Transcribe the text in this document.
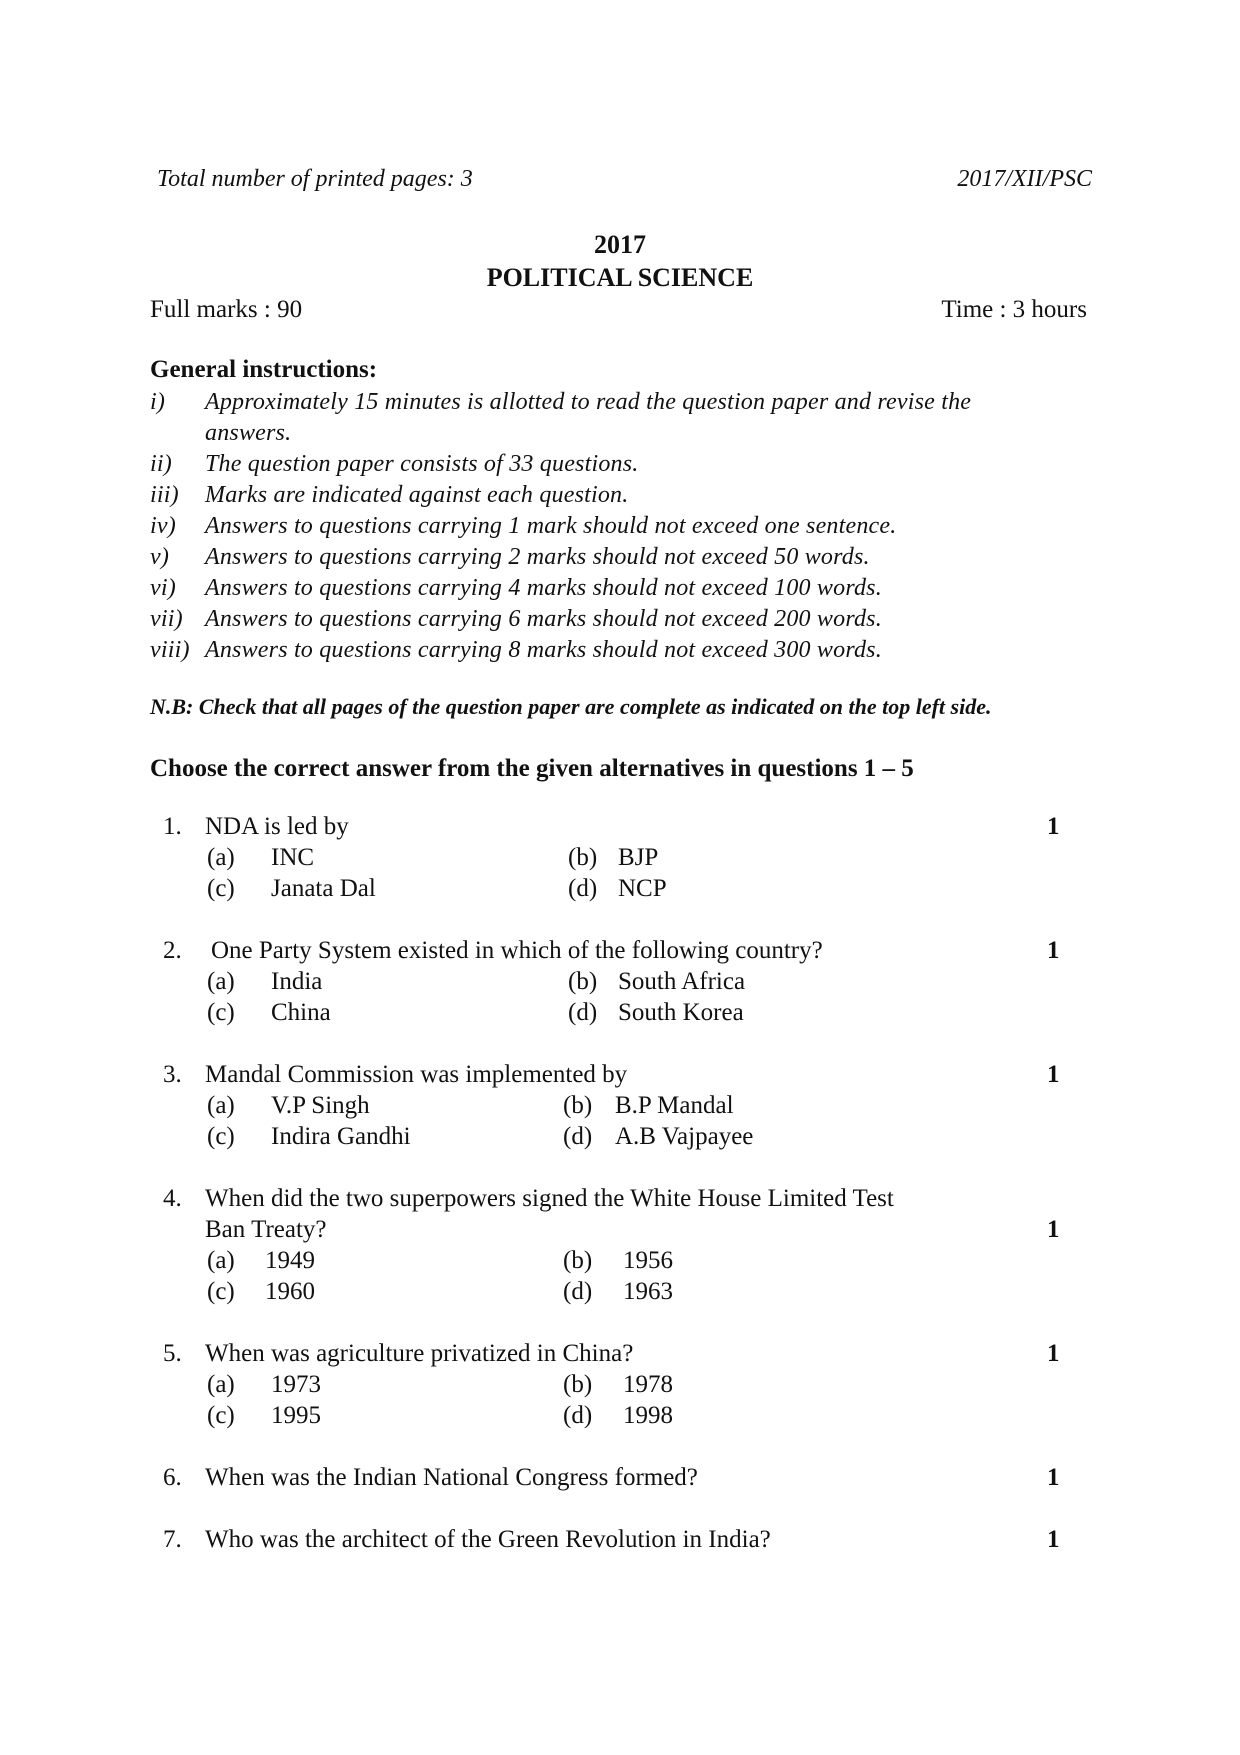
Total number of printed pages: 3	2017/XII/PSC
2017
POLITICAL SCIENCE
Full marks : 90	Time : 3 hours
General instructions:
i)	Approximately 15 minutes is allotted to read the question paper and revise the
answers.
ii)	The question paper consists of 33 questions.
iii)	Marks are indicated against each question.
iv)	Answers to questions carrying 1 mark should not exceed one sentence.
v)	Answers to questions carrying 2 marks should not exceed 50 words.
vi)	Answers to questions carrying 4 marks should not exceed 100 words.
vii) Answers to questions carrying 6 marks should not exceed 200 words.
viii) Answers to questions carrying 8 marks should not exceed 300 words.
N.B: Check that all pages of the question paper are complete as indicated on the top left side.
Choose the correct answer from the given alternatives in questions 1 – 5
1. NDA is led by	1
(a) INC	(b) BJP
(c) Janata Dal	(d) NCP
2. One Party System existed in which of the following country?	1
(a) India	(b) South Africa
(c) China	(d) South Korea
3. Mandal Commission was implemented by	1
(a) V.P Singh	(b) B.P Mandal
(c) Indira Gandhi	(d) A.B Vajpayee
4. When did the two superpowers signed the White House Limited Test
Ban Treaty?	1
(a) 1949	(b) 1956
(c) 1960	(d) 1963
5. When was agriculture privatized in China?	1
(a) 1973	(b) 1978
(c) 1995	(d) 1998
6. When was the Indian National Congress formed?	1
7. Who was the architect of the Green Revolution in India?	1
